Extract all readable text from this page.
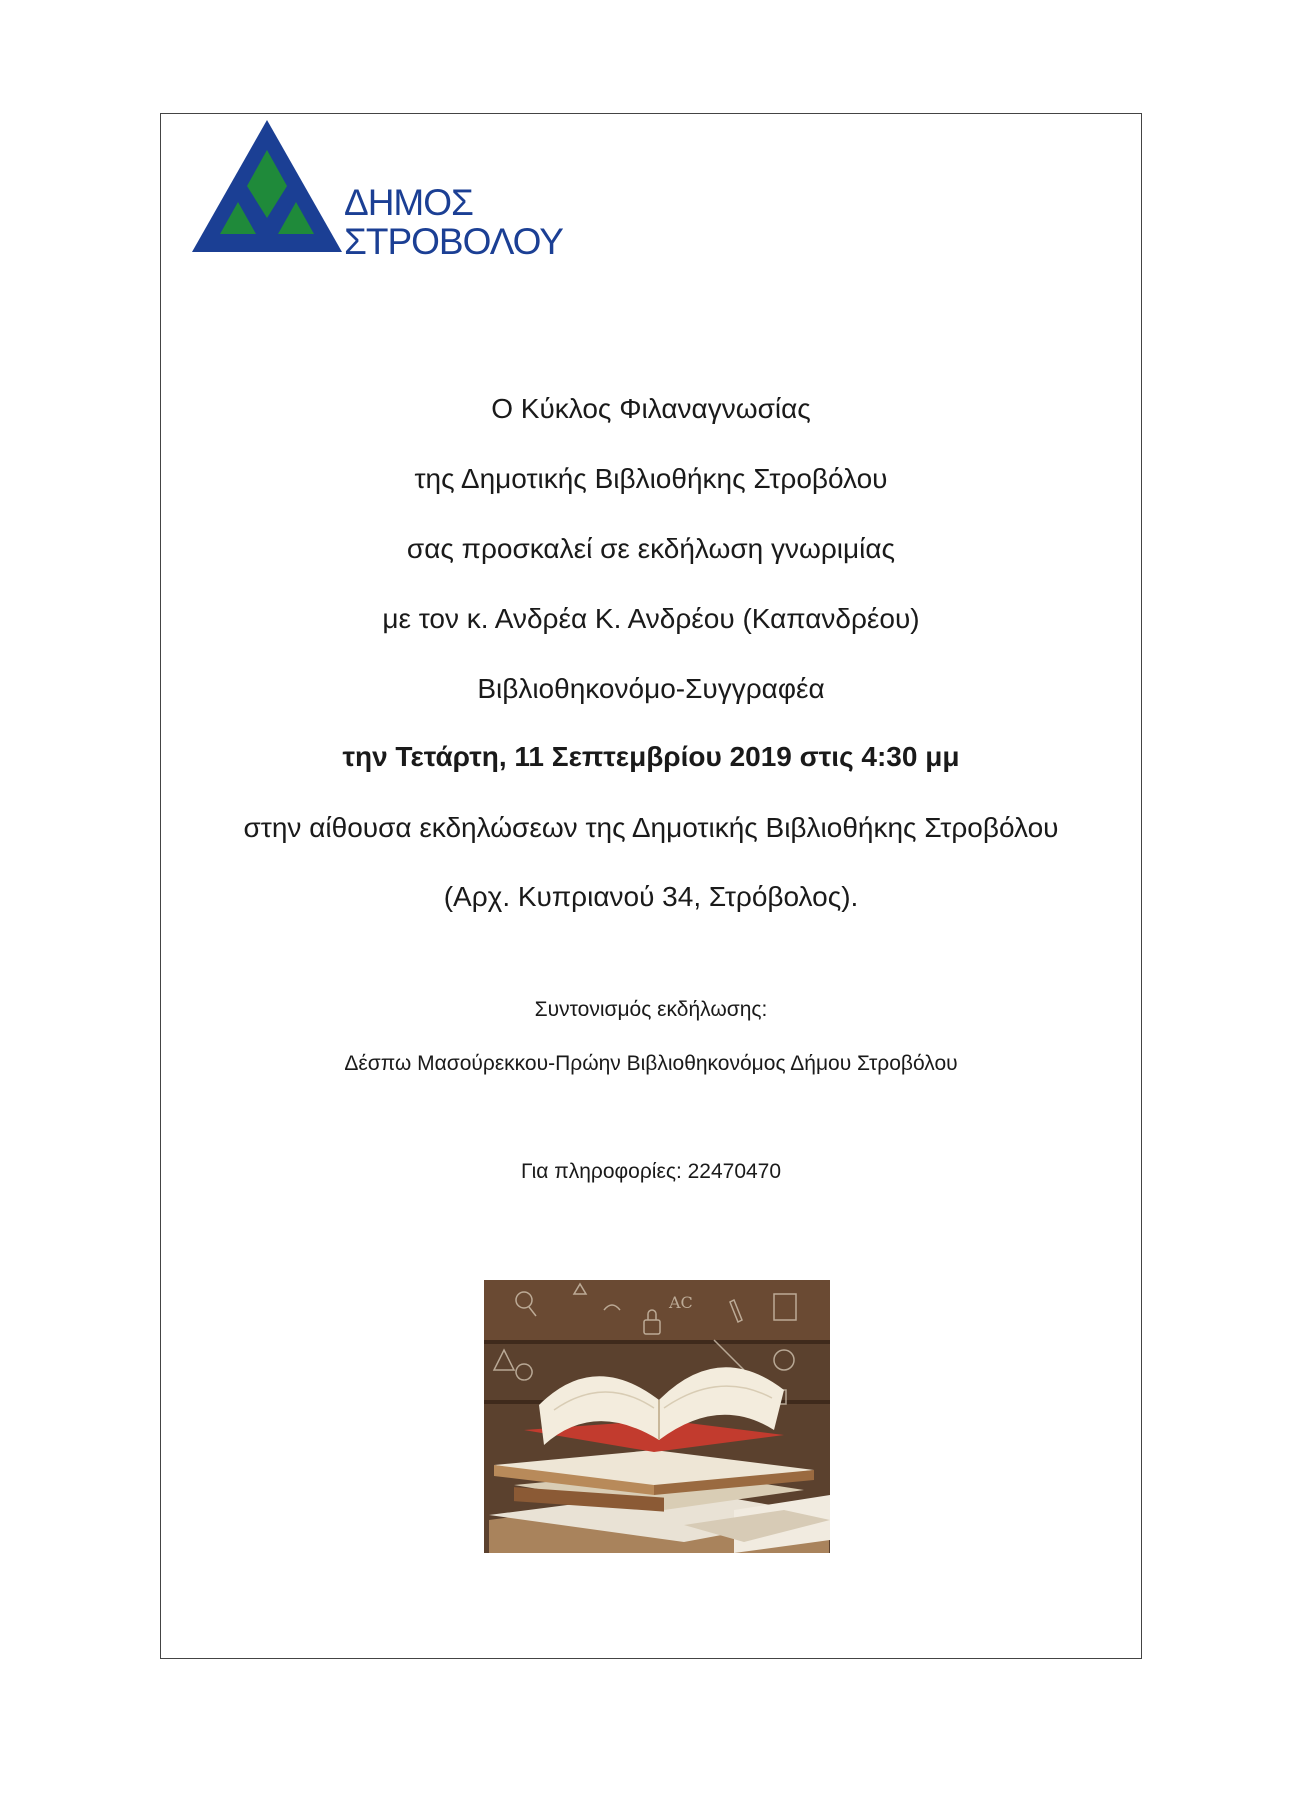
ΔΗΜΟΣ
ΣΤΡΟΒΟΛΟΥ
Ο Κύκλος Φιλαναγνωσίας
της Δημοτικής Βιβλιοθήκης Στροβόλου
σας προσκαλεί σε εκδήλωση γνωριμίας
με τον κ. Ανδρέα Κ. Ανδρέου (Καπανδρέου)
Βιβλιοθηκονόμο-Συγγραφέα
την Τετάρτη, 11 Σεπτεμβρίου 2019 στις 4:30 μμ
στην αίθουσα εκδηλώσεων της Δημοτικής Βιβλιοθήκης Στροβόλου
(Αρχ. Κυπριανού 34, Στρόβολος).
Συντονισμός εκδήλωσης:
Δέσπω Μασούρεκκου-Πρώην Βιβλιοθηκονόμος Δήμου Στροβόλου
Για πληροφορίες: 22470470
AC
